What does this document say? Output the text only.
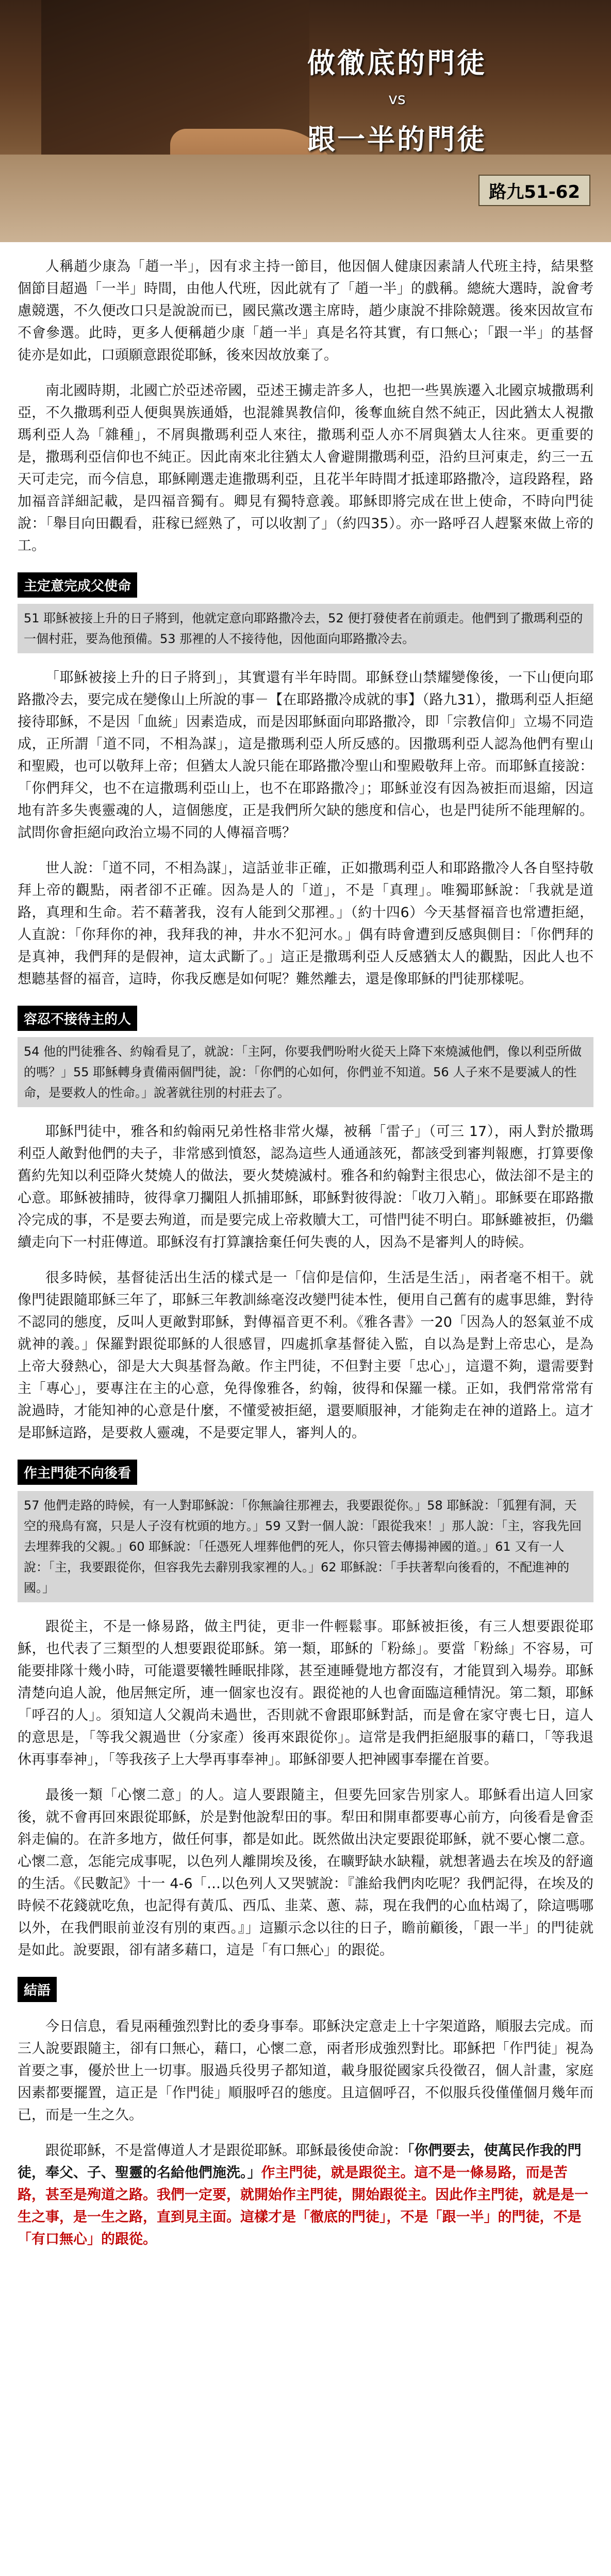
做徹底的門徒
vs
跟一半的門徒
路九51-62

人稱趙少康為「趙一半」，因有求主持一節目，他因個人健康因素請人代班主持，結果整個節目超過「一半」時間，由他人代班，因此就有了「趙一半」的戲稱。總統大選時，說會考慮競選，不久便改口只是說說而已，國民黨改選主席時，趙少康說不排除競選。後來因故宣布不會參選。此時，更多人便稱趙少康「趙一半」真是名符其實，有口無心；「跟一半」的基督徒亦是如此，口頭願意跟從耶穌，後來因故放棄了。

南北國時期，北國亡於亞述帝國，亞述王擄走許多人，也把一些異族遷入北國京城撒瑪利亞，不久撒瑪利亞人便與異族通婚，也混雜異教信仰，後奪血統自然不純正，因此猶太人視撒瑪利亞人為「雜種」，不屑與撒瑪利亞人來往，撒瑪利亞人亦不屑與猶太人往來。更重要的是，撒瑪利亞信仰也不純正。因此南來北往猶太人會避開撒瑪利亞，沿約旦河東走，約三一五天可走完，而今信息，耶穌剛選走進撒瑪利亞，且花半年時間才抵達耶路撒冷，這段路程，路加福音詳細記載，是四福音獨有。卿見有獨特意義。耶穌即將完成在世上使命，不時向門徒說：「舉目向田觀看，莊稼已經熟了，可以收割了」（約四35）。亦一路呼召人趕緊來做上帝的工。

主定意完成父使命
51 耶穌被接上升的日子將到，他就定意向耶路撒冷去，52 便打發使者在前頭走。他們到了撒瑪利亞的一個村莊，要為他預備。53 那裡的人不接待他，因他面向耶路撒冷去。

「耶穌被接上升的日子將到」，其實還有半年時間。耶穌登山禁耀變像後，一下山便向耶路撒冷去，要完成在變像山上所說的事－【在耶路撒冷成就的事】（路九31），撒瑪利亞人拒絕接待耶穌，不是因「血統」因素造成，而是因耶穌面向耶路撒冷，即「宗教信仰」立場不同造成，正所謂「道不同，不相為謀」，這是撒瑪利亞人所反感的。因撒瑪利亞人認為他們有聖山和聖殿，也可以敬拜上帝；但猶太人說只能在耶路撒冷聖山和聖殿敬拜上帝。而耶穌直接說：「你們拜父，也不在這撒瑪利亞山上，也不在耶路撒冷」；耶穌並沒有因為被拒而退縮，因這地有許多失喪靈魂的人，這個態度，正是我們所欠缺的態度和信心，也是門徒所不能理解的。試問你會拒絕向政治立場不同的人傳福音嗎？

世人說：「道不同，不相為謀」，這話並非正確，正如撒瑪利亞人和耶路撒冷人各自堅持敬拜上帝的觀點，兩者卻不正確。因為是人的「道」，不是「真理」。唯獨耶穌說：「我就是道路，真理和生命。若不藉著我，沒有人能到父那裡。」（約十四6）今天基督福音也常遭拒絕，人直說：「你拜你的神，我拜我的神，井水不犯河水。」偶有時會遭到反感與側目：「你們拜的是真神，我們拜的是假神，這太武斷了。」這正是撒瑪利亞人反感猶太人的觀點，因此人也不想聽基督的福音，這時，你我反應是如何呢？難然離去，還是像耶穌的門徒那樣呢。

容忍不接待主的人
54 他的門徒雅各、約翰看見了，就說：「主阿，你要我們吩咐火從天上降下來燒滅他們，像以利亞所做的嗎？」55 耶穌轉身責備兩個門徒，說：「你們的心如何，你們並不知道。56 人子來不是要滅人的性命，是要救人的性命。」說著就往別的村莊去了。

耶穌門徒中，雅各和約翰兩兄弟性格非常火爆，被稱「雷子」（可三 17），兩人對於撒瑪利亞人敵對他們的夫子，非常感到憤怒，認為這些人通通該死，都該受到審判報應，打算要像舊約先知以利亞降火焚燒人的做法，要火焚燒滅村。雅各和約翰對主很忠心，做法卻不是主的心意。耶穌被捕時，彼得拿刀攔阻人抓捕耶穌，耶穌對彼得說：「收刀入鞘」。耶穌要在耶路撒冷完成的事，不是要去殉道，而是要完成上帝救贖大工，可惜門徒不明白。耶穌雖被拒，仍繼續走向下一村莊傳道。耶穌沒有打算讓捨棄任何失喪的人，因為不是審判人的時候。

很多時候，基督徒活出生活的樣式是一「信仰是信仰，生活是生活」，兩者毫不相干。就像門徒跟隨耶穌三年了，耶穌三年教訓絲毫沒改變門徒本性，便用自己舊有的處事思維，對待不認同的態度，反叫人更敵對耶穌，對傳福音更不利。《雅各書》一20「因為人的怒氣並不成就神的義。」保羅對跟從耶穌的人很感冒，四處抓拿基督徒入監，自以為是對上帝忠心，是為上帝大發熱心，卻是大大與基督為敵。作主門徒，不但對主要「忠心」，這還不夠，還需要對主「專心」，要專注在主的心意，免得像雅各，約翰，彼得和保羅一樣。正如，我們常常常有說過時，才能知神的心意是什麼，不懂愛被拒絕，還要順服神，才能夠走在神的道路上。這才是耶穌這路，是要救人靈魂，不是要定罪人，審判人的。

作主門徒不向後看
57 他們走路的時候，有一人對耶穌說：「你無論往那裡去，我要跟從你。」58 耶穌說：「狐狸有洞，天空的飛鳥有窩，只是人子沒有枕頭的地方。」59 又對一個人說：「跟從我來！」那人說：「主，容我先回去埋葬我的父親。」60 耶穌說：「任憑死人埋葬他們的死人，你只管去傳揚神國的道。」61 又有一人說：「主，我要跟從你，但容我先去辭別我家裡的人。」62 耶穌說：「手扶著犁向後看的，不配進神的國。」

跟從主，不是一條易路，做主門徒，更非一件輕鬆事。耶穌被拒後，有三人想要跟從耶穌，也代表了三類型的人想要跟從耶穌。第一類，耶穌的「粉絲」。要當「粉絲」不容易，可能要排隊十幾小時，可能還要犧牲睡眠排隊，甚至連睡覺地方都沒有，才能買到入場券。耶穌清楚向追人說，他居無定所，連一個家也沒有。跟從祂的人也會面臨這種情況。第二類，耶穌「呼召的人」。須知這人父親尚未過世，否則就不會跟耶穌對話，而是會在家守喪七日，這人的意思是，「等我父親過世（分家產）後再來跟從你」。這常是我們拒絕服事的藉口，「等我退休再事奉神」，「等我孩子上大學再事奉神」。耶穌卻要人把神國事奉擺在首要。

最後一類「心懷二意」的人。這人要跟隨主，但要先回家告別家人。耶穌看出這人回家後，就不會再回來跟從耶穌，於是對他說犁田的事。犁田和開車都要專心前方，向後看是會歪斜走偏的。在許多地方，做任何事，都是如此。既然做出決定要跟從耶穌，就不要心懷二意。心懷二意，怎能完成事呢，以色列人離開埃及後，在曠野缺水缺糧，就想著過去在埃及的舒適的生活。《民數記》十一 4-6「…以色列人又哭號說：『誰給我們肉吃呢？我們記得，在埃及的時候不花錢就吃魚，也記得有黃瓜、西瓜、韭菜、蔥、蒜，現在我們的心血枯竭了，除這嗎哪以外，在我們眼前並沒有別的東西。』」這顯示念以往的日子，瞻前顧後，「跟一半」的門徒就是如此。說要跟，卻有諸多藉口，這是「有口無心」的跟從。

結語

今日信息，看見兩種強烈對比的委身事奉。耶穌決定意走上十字架道路，順服去完成。而三人說要跟隨主，卻有口無心，藉口，心懷二意，兩者形成強烈對比。耶穌把「作門徒」視為首要之事，優於世上一切事。服過兵役男子都知道，載身服從國家兵役徵召，個人計畫，家庭因素都要擺置，這正是「作門徒」順服呼召的態度。且這個呼召，不似服兵役僅僅個月幾年而已，而是一生之久。

跟從耶穌，不是當傳道人才是跟從耶穌。耶穌最後使命說：「你們要去，使萬民作我的門徒，奉父、子、聖靈的名給他們施洗。」作主門徒，就是跟從主。這不是一條易路，而是苦路，甚至是殉道之路。我們一定要，就開始作主門徒，開始跟從主。因此作主門徒，就是是一生之事，是一生之路，直到見主面。這樣才是「徹底的門徒」，不是「跟一半」的門徒，不是「有口無心」的跟從。
